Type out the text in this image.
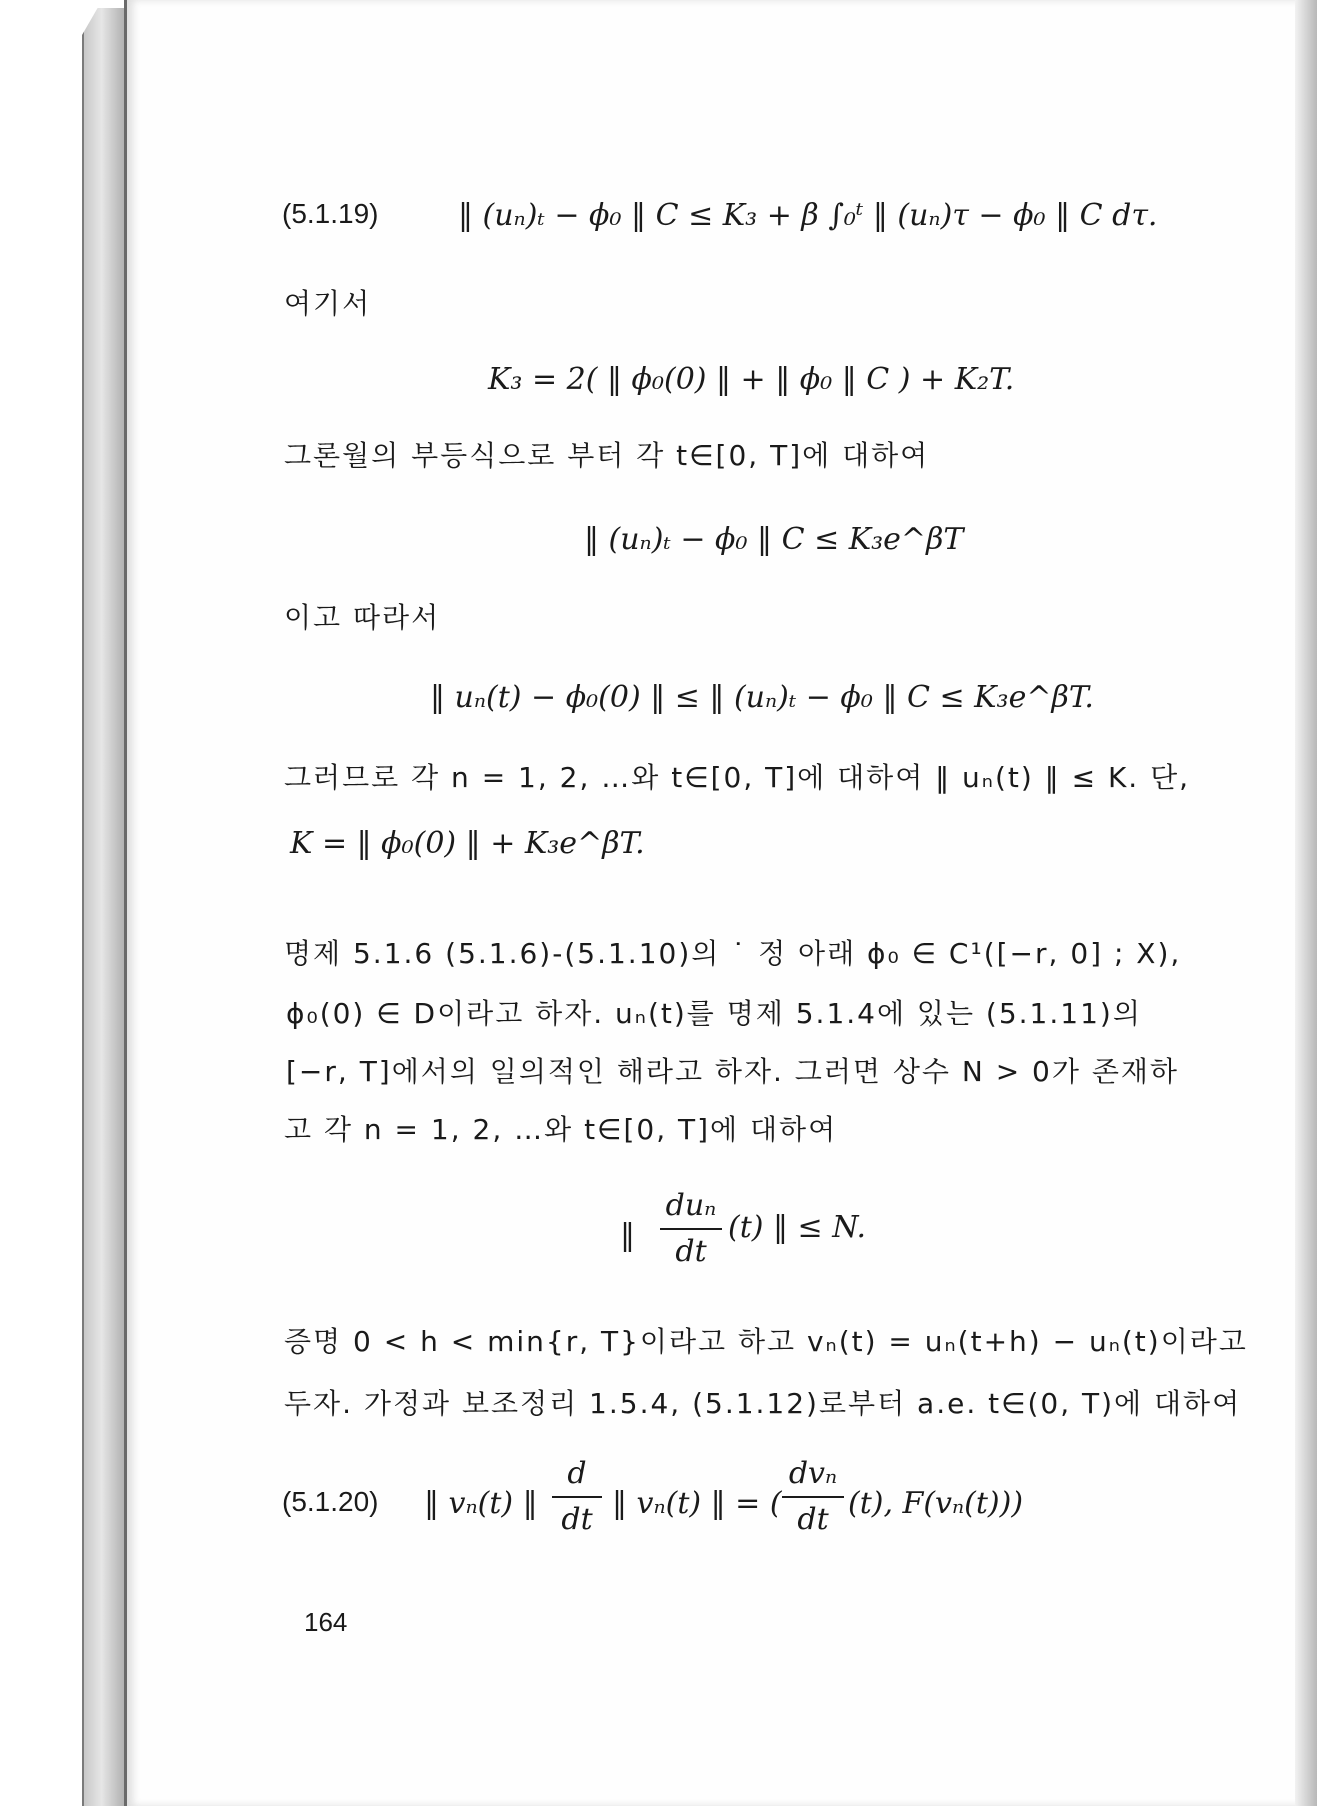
(5.1.19)	‖ (uₙ)ₜ − ϕ₀ ‖ C ≤ K₃ + β ∫₀ᵗ ‖ (uₙ)τ − ϕ₀ ‖ C dτ.
여기서
K₃ = 2( ‖ ϕ₀(0) ‖ + ‖ ϕ₀ ‖ C ) + K₂T.
그론월의 부등식으로 부터 각 t∈[0, T]에 대하여
‖ (uₙ)ₜ − ϕ₀ ‖ C ≤ K₃e^βT
이고 따라서
‖ uₙ(t) − ϕ₀(0) ‖ ≤ ‖ (uₙ)ₜ − ϕ₀ ‖ C ≤ K₃e^βT.
그러므로 각 n = 1, 2, …와 t∈[0, T]에 대하여 ‖ uₙ(t) ‖ ≤ K. 단,
K = ‖ ϕ₀(0) ‖ + K₃e^βT.
명제 5.1.6 (5.1.6)-(5.1.10)의 ˙ 정 아래 ϕ₀ ∈ C¹([−r, 0] ; X),
ϕ₀(0) ∈ D이라고 하자. uₙ(t)를 명제 5.1.4에 있는 (5.1.11)의
[−r, T]에서의 일의적인 해라고 하자. 그러면 상수 N > 0가 존재하
고 각 n = 1, 2, …와 t∈[0, T]에 대하여
‖
duₙ
dt
(t) ‖ ≤ N.
증명 0 < h < min{r, T}이라고 하고 vₙ(t) = uₙ(t+h) − uₙ(t)이라고
두자. 가정과 보조정리 1.5.4, (5.1.12)로부터 a.e. t∈(0, T)에 대하여
(5.1.20) ‖ vₙ(t) ‖
d
dt ‖ vₙ(t) ‖ = (
dvₙ
dt (t), F(vₙ(t)))
164
